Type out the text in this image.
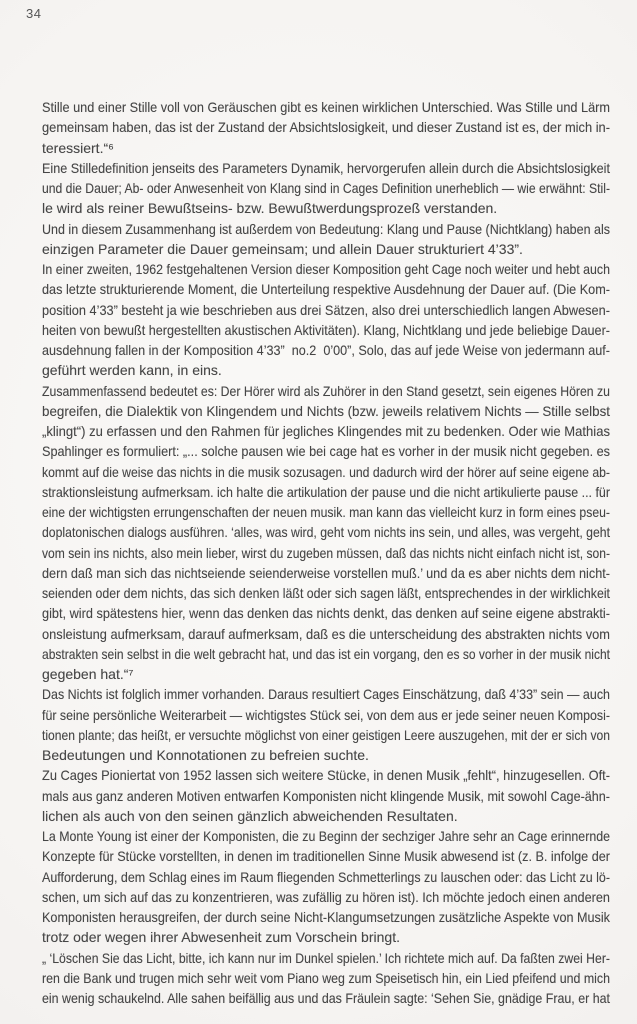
34
Stille und einer Stille voll von Geräuschen gibt es keinen wirklichen Unterschied. Was Stille und Lärm
gemeinsam haben, das ist der Zustand der Absichtslosigkeit, und dieser Zustand ist es, der mich in-
teressiert.“⁶
Eine Stilledefinition jenseits des Parameters Dynamik, hervorgerufen allein durch die Absichtslosigkeit
und die Dauer; Ab- oder Anwesenheit von Klang sind in Cages Definition unerheblich — wie erwähnt: Stil-
le wird als reiner Bewußtseins- bzw. Bewußtwerdungsprozeß verstanden.
Und in diesem Zusammenhang ist außerdem von Bedeutung: Klang und Pause (Nichtklang) haben als
einzigen Parameter die Dauer gemeinsam; und allein Dauer strukturiert 4’33”.
In einer zweiten, 1962 festgehaltenen Version dieser Komposition geht Cage noch weiter und hebt auch
das letzte strukturierende Moment, die Unterteilung respektive Ausdehnung der Dauer auf. (Die Kom-
position 4’33” besteht ja wie beschrieben aus drei Sätzen, also drei unterschiedlich langen Abwesen-
heiten von bewußt hergestellten akustischen Aktivitäten). Klang, Nichtklang und jede beliebige Dauer-
ausdehnung fallen in der Komposition 4’33”  no.2  0’00”, Solo, das auf jede Weise von jedermann auf-
geführt werden kann, in eins.
Zusammenfassend bedeutet es: Der Hörer wird als Zuhörer in den Stand gesetzt, sein eigenes Hören zu
begreifen, die Dialektik von Klingendem und Nichts (bzw. jeweils relativem Nichts — Stille selbst
„klingt“) zu erfassen und den Rahmen für jegliches Klingendes mit zu bedenken. Oder wie Mathias
Spahlinger es formuliert: „... solche pausen wie bei cage hat es vorher in der musik nicht gegeben. es
kommt auf die weise das nichts in die musik sozusagen. und dadurch wird der hörer auf seine eigene ab-
straktionsleistung aufmerksam. ich halte die artikulation der pause und die nicht artikulierte pause ... für
eine der wichtigsten errungenschaften der neuen musik. man kann das vielleicht kurz in form eines pseu-
doplatonischen dialogs ausführen. ‘alles, was wird, geht vom nichts ins sein, und alles, was vergeht, geht
vom sein ins nichts, also mein lieber, wirst du zugeben müssen, daß das nichts nicht einfach nicht ist, son-
dern daß man sich das nichtseiende seienderweise vorstellen muß.’ und da es aber nichts dem nicht-
seienden oder dem nichts, das sich denken läßt oder sich sagen läßt, entsprechendes in der wirklichkeit
gibt, wird spätestens hier, wenn das denken das nichts denkt, das denken auf seine eigene abstrakti-
onsleistung aufmerksam, darauf aufmerksam, daß es die unterscheidung des abstrakten nichts vom
abstrakten sein selbst in die welt gebracht hat, und das ist ein vorgang, den es so vorher in der musik nicht
gegeben hat.“⁷
Das Nichts ist folglich immer vorhanden. Daraus resultiert Cages Einschätzung, daß 4’33” sein — auch
für seine persönliche Weiterarbeit — wichtigstes Stück sei, von dem aus er jede seiner neuen Komposi-
tionen plante; das heißt, er versuchte möglichst von einer geistigen Leere auszugehen, mit der er sich von
Bedeutungen und Konnotationen zu befreien suchte.
Zu Cages Pioniertat von 1952 lassen sich weitere Stücke, in denen Musik „fehlt“, hinzugesellen. Oft-
mals aus ganz anderen Motiven entwarfen Komponisten nicht klingende Musik, mit sowohl Cage-ähn-
lichen als auch von den seinen gänzlich abweichenden Resultaten.
La Monte Young ist einer der Komponisten, die zu Beginn der sechziger Jahre sehr an Cage erinnernde
Konzepte für Stücke vorstellten, in denen im traditionellen Sinne Musik abwesend ist (z. B. infolge der
Aufforderung, dem Schlag eines im Raum fliegenden Schmetterlings zu lauschen oder: das Licht zu lö-
schen, um sich auf das zu konzentrieren, was zufällig zu hören ist). Ich möchte jedoch einen anderen
Komponisten herausgreifen, der durch seine Nicht-Klangumsetzungen zusätzliche Aspekte von Musik
trotz oder wegen ihrer Abwesenheit zum Vorschein bringt.
„ ‘Löschen Sie das Licht, bitte, ich kann nur im Dunkel spielen.’ Ich richtete mich auf. Da faßten zwei Her-
ren die Bank und trugen mich sehr weit vom Piano weg zum Speisetisch hin, ein Lied pfeifend und mich
ein wenig schaukelnd. Alle sahen beifällig aus und das Fräulein sagte: ‘Sehen Sie, gnädige Frau, er hat
